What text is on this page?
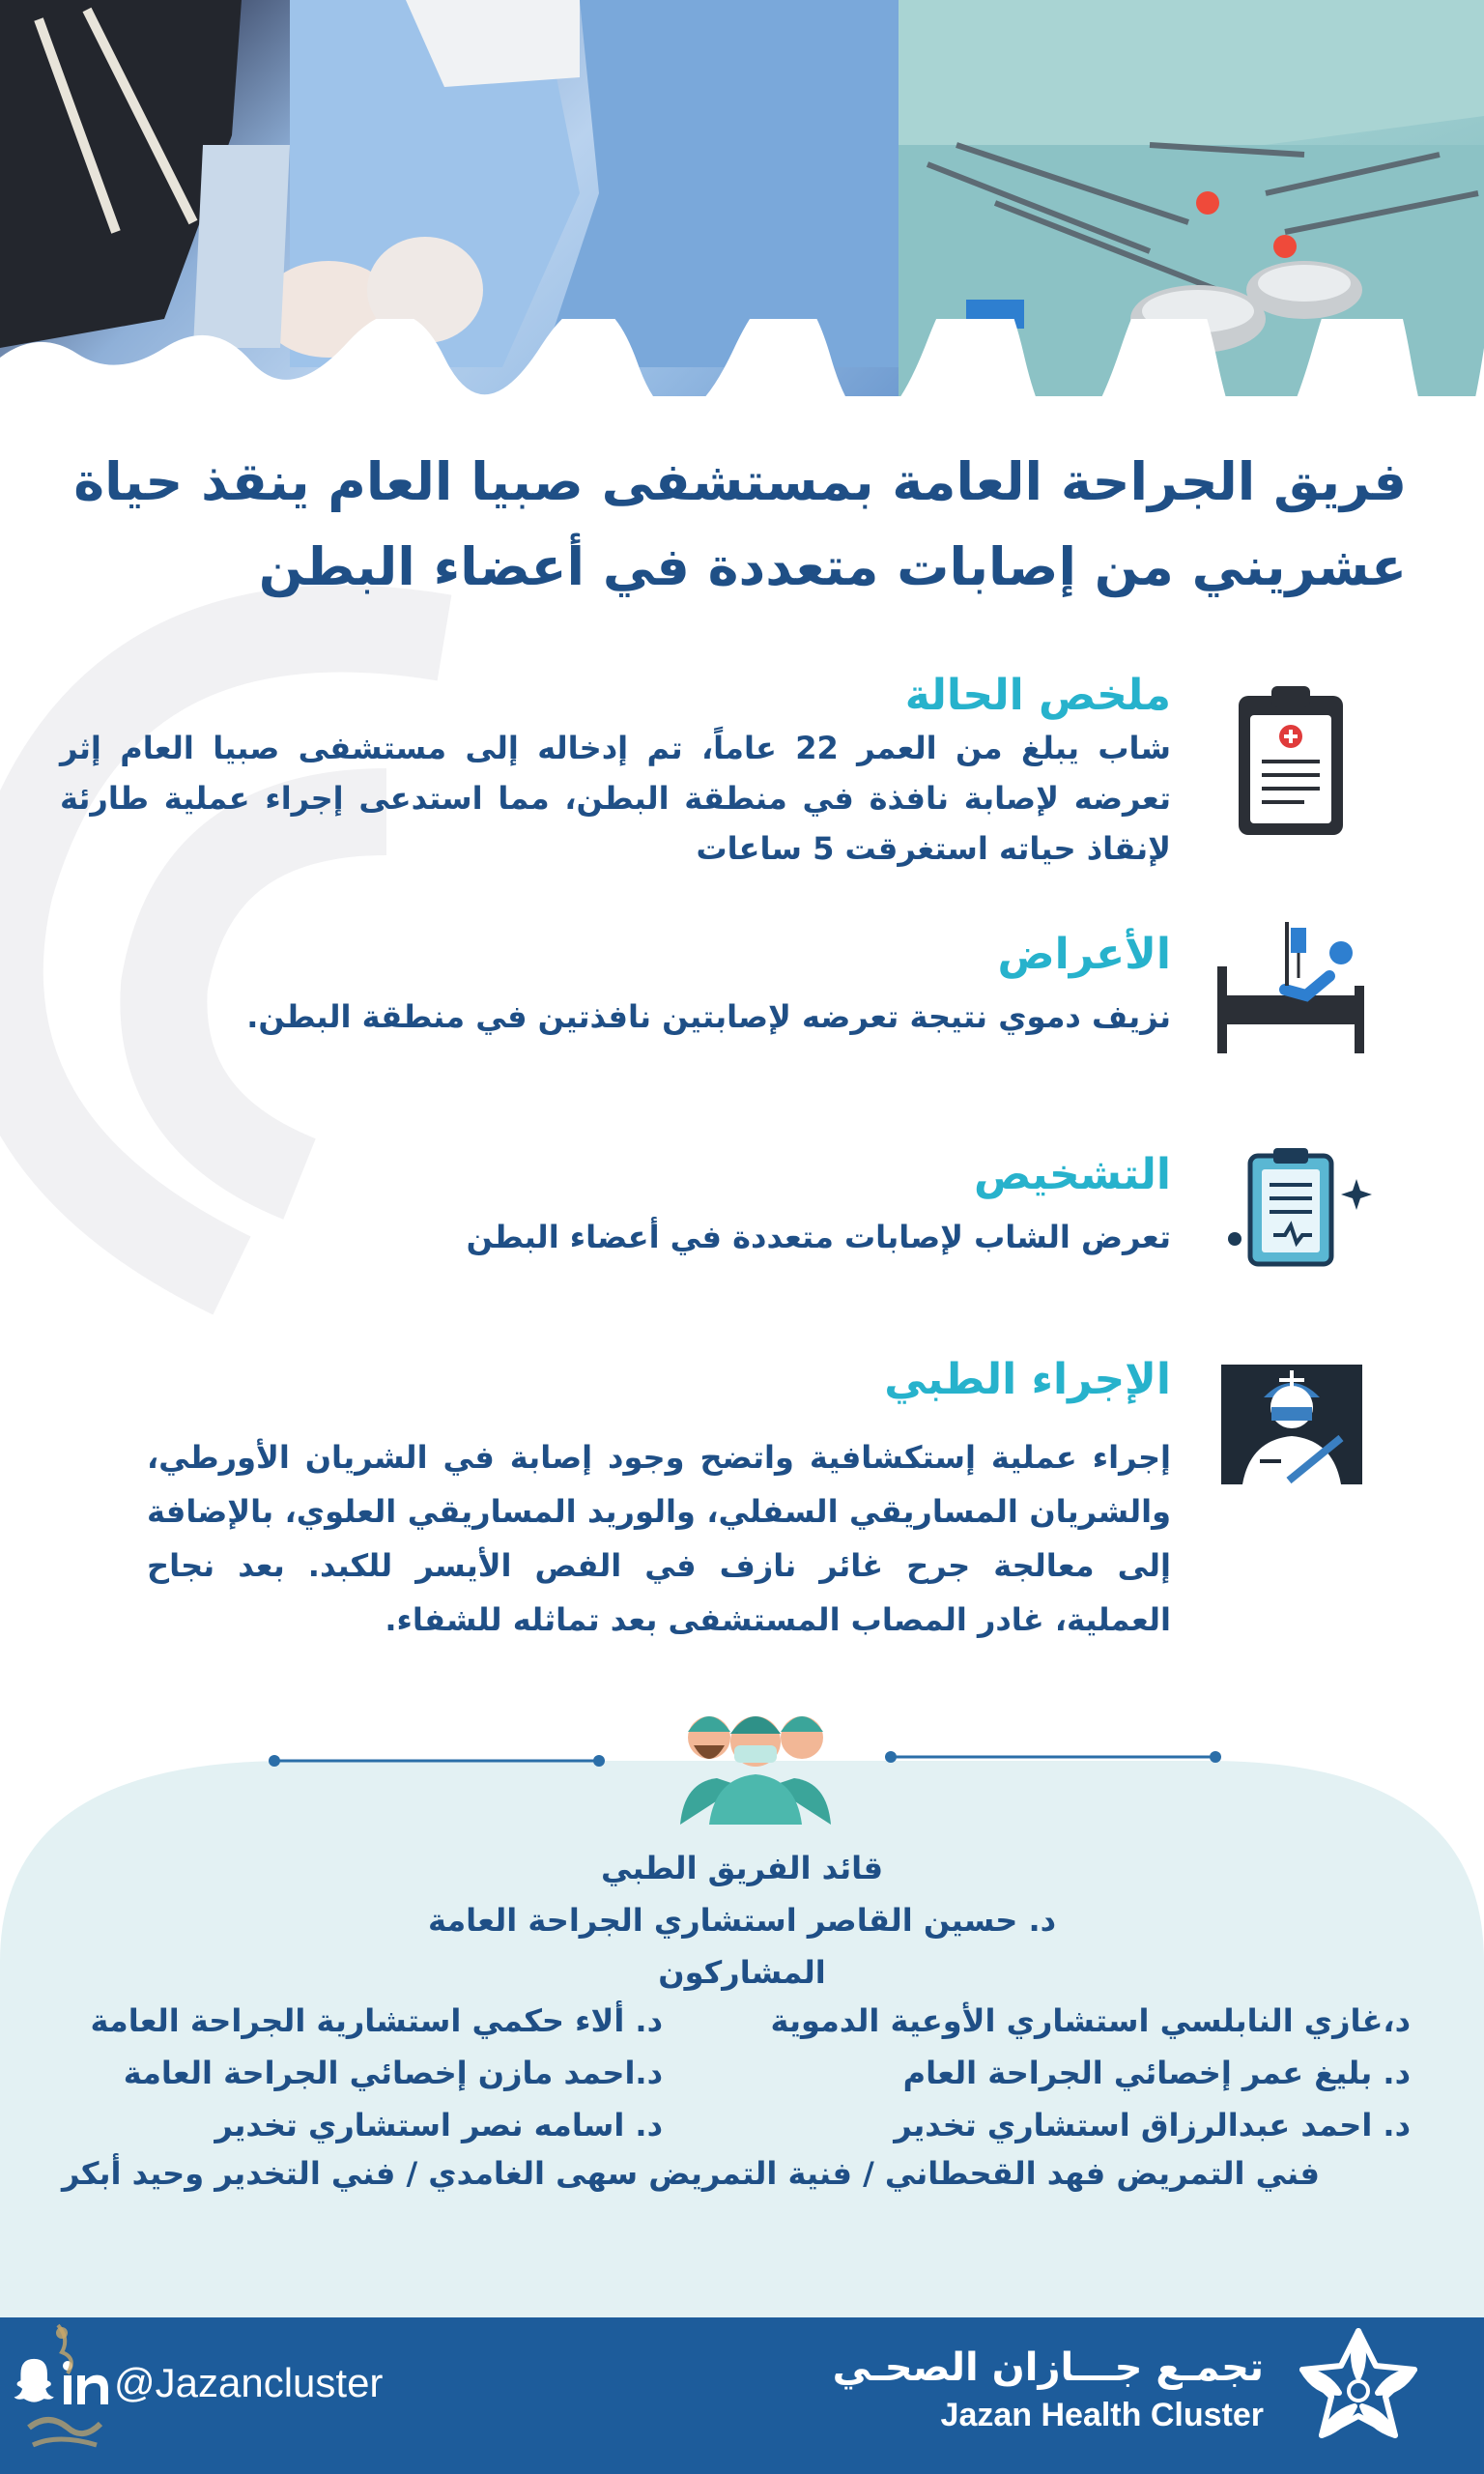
فريق الجراحة العامة بمستشفى صبيا العام ينقذ حياة
عشريني من إصابات متعددة في أعضاء البطن
ملخص الحالة
شاب يبلغ من العمر 22 عاماً، تم إدخاله إلى مستشفى صبيا العام إثر تعرضه لإصابة نافذة في منطقة البطن، مما استدعى إجراء عملية طارئة لإنقاذ حياته استغرقت 5 ساعات
الأعراض
نزيف دموي نتيجة تعرضه لإصابتين نافذتين في منطقة البطن.
التشخيص
تعرض الشاب لإصابات متعددة في أعضاء البطن
الإجراء الطبي
إجراء عملية إستكشافية واتضح وجود إصابة في الشريان الأورطي، والشريان المساريقي السفلي، والوريد المساريقي العلوي، بالإضافة إلى معالجة جرح غائر نازف في الفص الأيسر للكبد. بعد نجاح العملية، غادر المصاب المستشفى بعد تماثله للشفاء.
قائد الفريق الطبي
د. حسين القاصر استشاري الجراحة العامة
المشاركون
د،غازي النابلسي استشاري الأوعية الدموية
د. بليغ عمر إخصائي الجراحة العام
د. احمد عبدالرزاق استشاري تخدير
د. ألاء حكمي استشارية الجراحة العامة
د.احمد مازن إخصائي الجراحة العامة
د. اسامه نصر استشاري تخدير
فني التمريض فهد القحطاني / فنية التمريض سهى الغامدي / فني التخدير وحيد أبكر
@Jazancluster	تجمـع جـــازان الصحـي
Jazan Health Cluster
